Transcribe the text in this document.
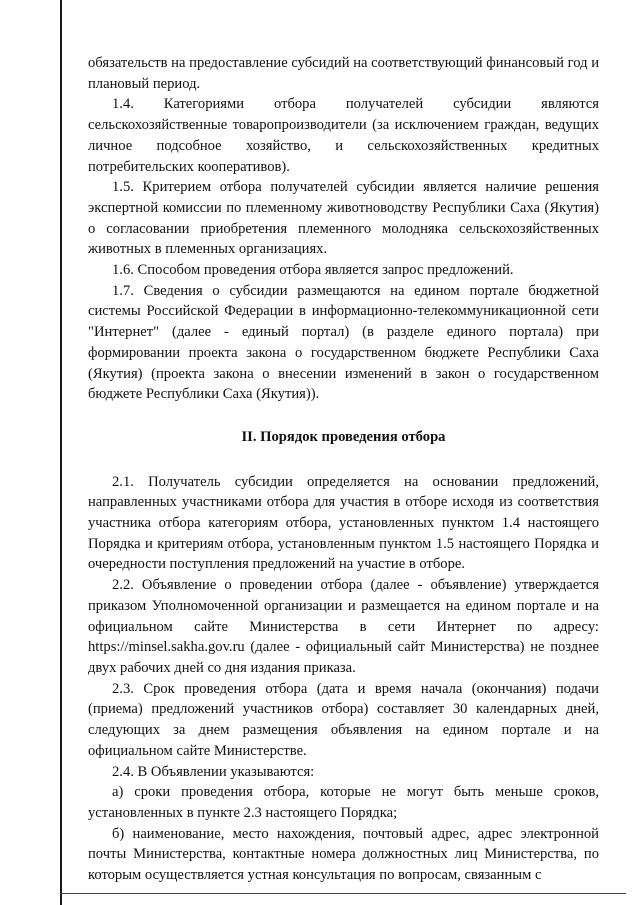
обязательств на предоставление субсидий на соответствующий финансовый год и плановый период.

1.4. Категориями отбора получателей субсидии являются сельскохозяйственные товаропроизводители (за исключением граждан, ведущих личное подсобное хозяйство, и сельскохозяйственных кредитных потребительских кооперативов).

1.5. Критерием отбора получателей субсидии является наличие решения экспертной комиссии по племенному животноводству Республики Саха (Якутия) о согласовании приобретения племенного молодняка сельскохозяйственных животных в племенных организациях.

1.6. Способом проведения отбора является запрос предложений.

1.7. Сведения о субсидии размещаются на едином портале бюджетной системы Российской Федерации в информационно-телекоммуникационной сети "Интернет" (далее - единый портал) (в разделе единого портала) при формировании проекта закона о государственном бюджете Республики Саха (Якутия) (проекта закона о внесении изменений в закон о государственном бюджете Республики Саха (Якутия)).

II. Порядок проведения отбора

2.1. Получатель субсидии определяется на основании предложений, направленных участниками отбора для участия в отборе исходя из соответствия участника отбора категориям отбора, установленных пунктом 1.4 настоящего Порядка и критериям отбора, установленным пунктом 1.5 настоящего Порядка и очередности поступления предложений на участие в отборе.

2.2. Объявление о проведении отбора (далее - объявление) утверждается приказом Уполномоченной организации и размещается на едином портале и на официальном сайте Министерства в сети Интернет по адресу: https://minsel.sakha.gov.ru (далее - официальный сайт Министерства) не позднее двух рабочих дней со дня издания приказа.

2.3. Срок проведения отбора (дата и время начала (окончания) подачи (приема) предложений участников отбора) составляет 30 календарных дней, следующих за днем размещения объявления на едином портале и на официальном сайте Министерстве.

2.4. В Объявлении указываются:

а) сроки проведения отбора, которые не могут быть меньше сроков, установленных в пункте 2.3 настоящего Порядка;

б) наименование, место нахождения, почтовый адрес, адрес электронной почты Министерства, контактные номера должностных лиц Министерства, по которым осуществляется устная консультация по вопросам, связанным с
